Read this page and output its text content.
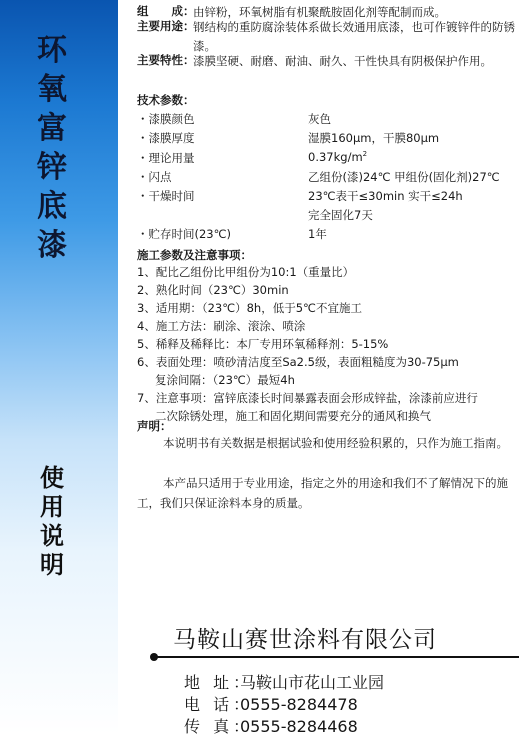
环
氧
富
锌
底
漆
使
用
说
明
组　　成：
由锌粉，环氧树脂有机聚酰胺固化剂等配制而成。
主要用途：
钢结构的重防腐涂装体系做长效通用底漆，也可作镀锌件的防锈漆。
主要特性：
漆膜坚硬、耐磨、耐油、耐久、干性快具有阴极保护作用。
技术参数：
・漆膜颜色	灰色
・漆膜厚度	湿膜160μm，干膜80μm
・理论用量	$0.37kg/m^2$
・闪点	乙组份(漆)24℃ 甲组份(固化剂)27℃
・干燥时间	23℃表干≤30min 实干≤24h
完全固化7天
・贮存时间(23℃)	1年
施工参数及注意事项：
1、配比乙组份比甲组份为10:1（重量比）
2、熟化时间（23℃）30min
3、适用期：（23℃）8h，低于5℃不宜施工
4、施工方法：刷涂、滚涂、喷涂
5、稀释及稀释比：本厂专用环氧稀释剂：5-15%
6、表面处理：喷砂清洁度至Sa2.5级，表面粗糙度为30-75μm
复涂间隔：（23℃）最短4h
7、注意事项：富锌底漆长时间暴露表面会形成锌盐，涂漆前应进行
二次除锈处理，施工和固化期间需要充分的通风和换气
声明：
本说明书有关数据是根据试验和使用经验积累的，只作为施工指南。
本产品只适用于专业用途，指定之外的用途和我们不了解情况下的施工，我们只保证涂料本身的质量。
马鞍山赛世涂料有限公司
地 址：马鞍山市花山工业园
电 话：0555-8284478
传 真：0555-8284468
